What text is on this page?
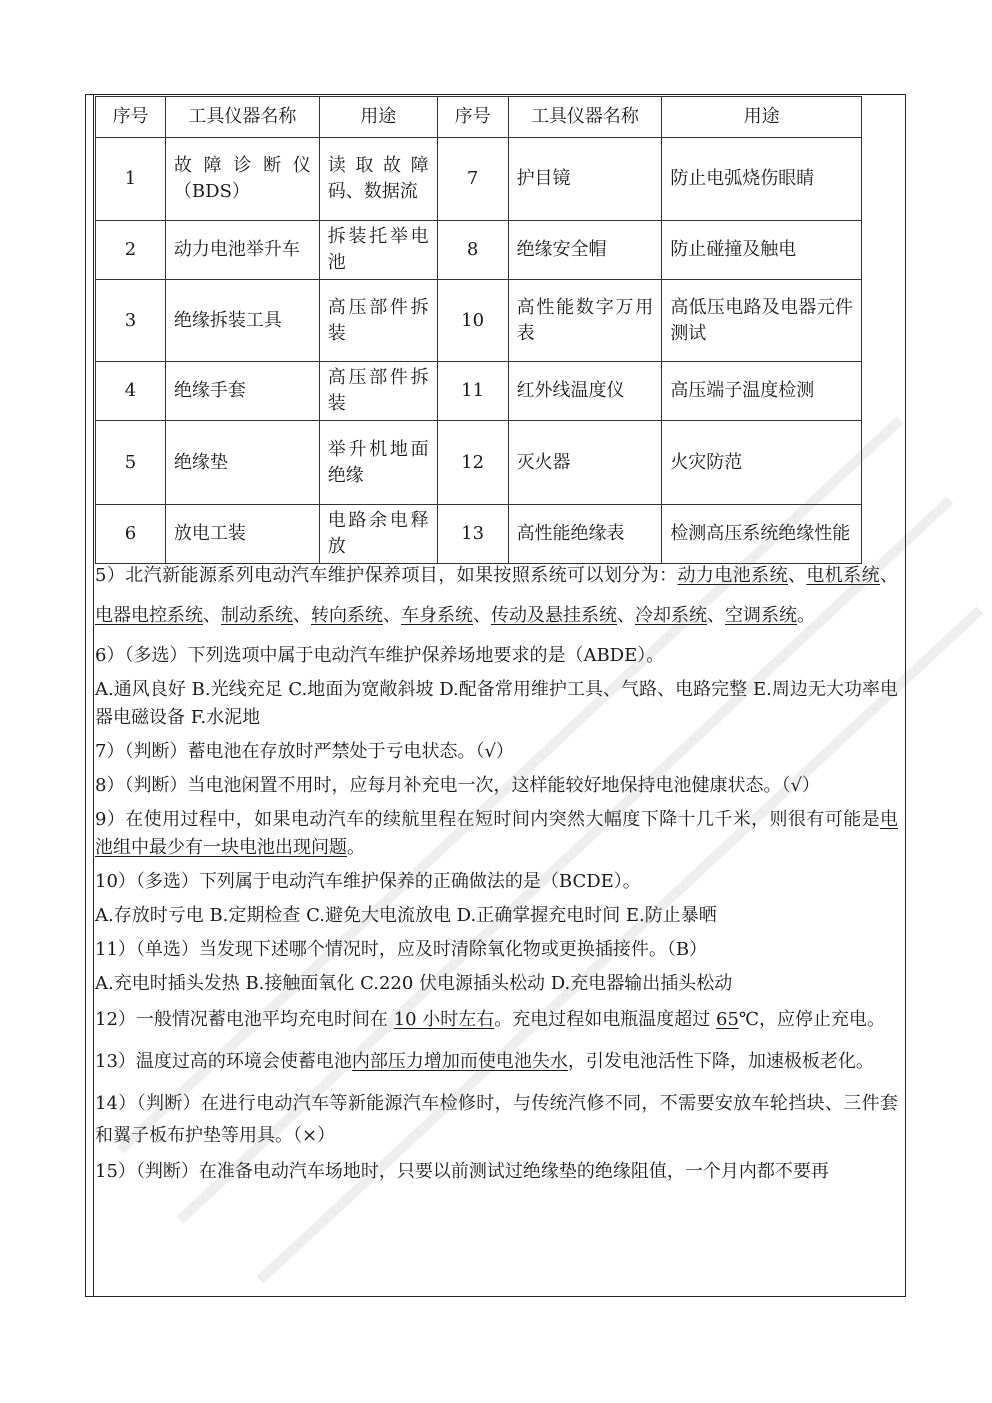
序号	工具仪器名称	用途	序号	工具仪器名称	用途
1	故障诊断仪（BDS）	读取故障码、数据流	7	护目镜	防止电弧烧伤眼睛
2	动力电池举升车	拆装托举电池	8	绝缘安全帽	防止碰撞及触电
3	绝缘拆装工具	高压部件拆装	10	高性能数字万用表	高低压电路及电器元件测试
4	绝缘手套	高压部件拆装	11	红外线温度仪	高压端子温度检测
5	绝缘垫	举升机地面绝缘	12	灭火器	火灾防范
6	放电工装	电路余电释放	13	高性能绝缘表	检测高压系统绝缘性能

5）北汽新能源系列电动汽车维护保养项目，如果按照系统可以划分为：动力电池系统、电机系统、电器电控系统、制动系统、转向系统、车身系统、传动及悬挂系统、冷却系统、空调系统。

6）（多选）下列选项中属于电动汽车维护保养场地要求的是（ABDE）。

A.通风良好 B.光线充足 C.地面为宽敞斜坡 D.配备常用维护工具、气路、电路完整 E.周边无大功率电器电磁设备 F.水泥地

7）（判断）蓄电池在存放时严禁处于亏电状态。（√）

8）（判断）当电池闲置不用时，应每月补充电一次，这样能较好地保持电池健康状态。（√）

9）在使用过程中，如果电动汽车的续航里程在短时间内突然大幅度下降十几千米，则很有可能是电池组中最少有一块电池出现问题。

10）（多选）下列属于电动汽车维护保养的正确做法的是（BCDE）。

A.存放时亏电 B.定期检查 C.避免大电流放电 D.正确掌握充电时间 E.防止暴晒

11）（单选）当发现下述哪个情况时，应及时清除氧化物或更换插接件。（B）

A.充电时插头发热 B.接触面氧化 C.220 伏电源插头松动 D.充电器输出插头松动

12）一般情况蓄电池平均充电时间在 10 小时左右。充电过程如电瓶温度超过 65℃，应停止充电。

13）温度过高的环境会使蓄电池内部压力增加而使电池失水，引发电池活性下降，加速极板老化。

14）（判断）在进行电动汽车等新能源汽车检修时，与传统汽修不同，不需要安放车轮挡块、三件套和翼子板布护垫等用具。（×）

15）（判断）在准备电动汽车场地时，只要以前测试过绝缘垫的绝缘阻值，一个月内都不要再
